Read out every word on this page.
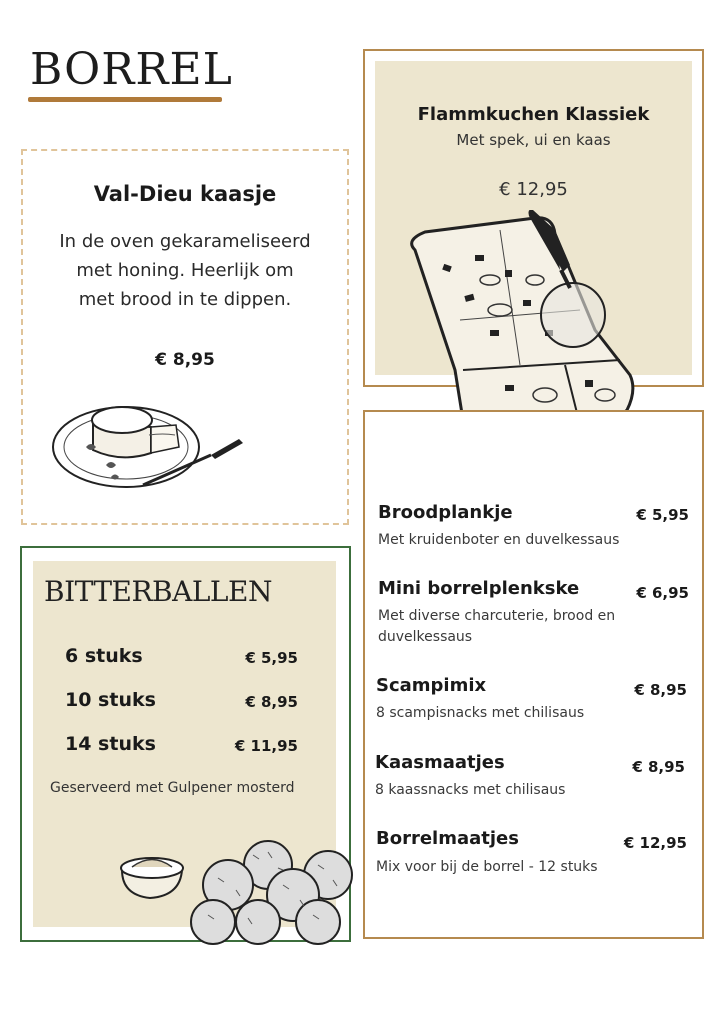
BORREL
Val-Dieu kaasje
In de oven gekarameliseerd
met honing. Heerlijk om
met brood in te dippen.
€ 8,95
Flammkuchen Klassiek
Met spek, ui en kaas
€ 12,95
Broodplankje	€ 5,95
Met kruidenboter en duvelkessaus
Mini borrelplenkske	€ 6,95
Met diverse charcuterie, brood en duvelkessaus
Scampimix	€ 8,95
8 scampisnacks met chilisaus
Kaasmaatjes	€ 8,95
8 kaassnacks met chilisaus
Borrelmaatjes	€ 12,95
Mix voor bij de borrel - 12 stuks
BITTERBALLEN
6 stuks	€ 5,95
10 stuks	€ 8,95
14 stuks	€ 11,95
Geserveerd met Gulpener mosterd
